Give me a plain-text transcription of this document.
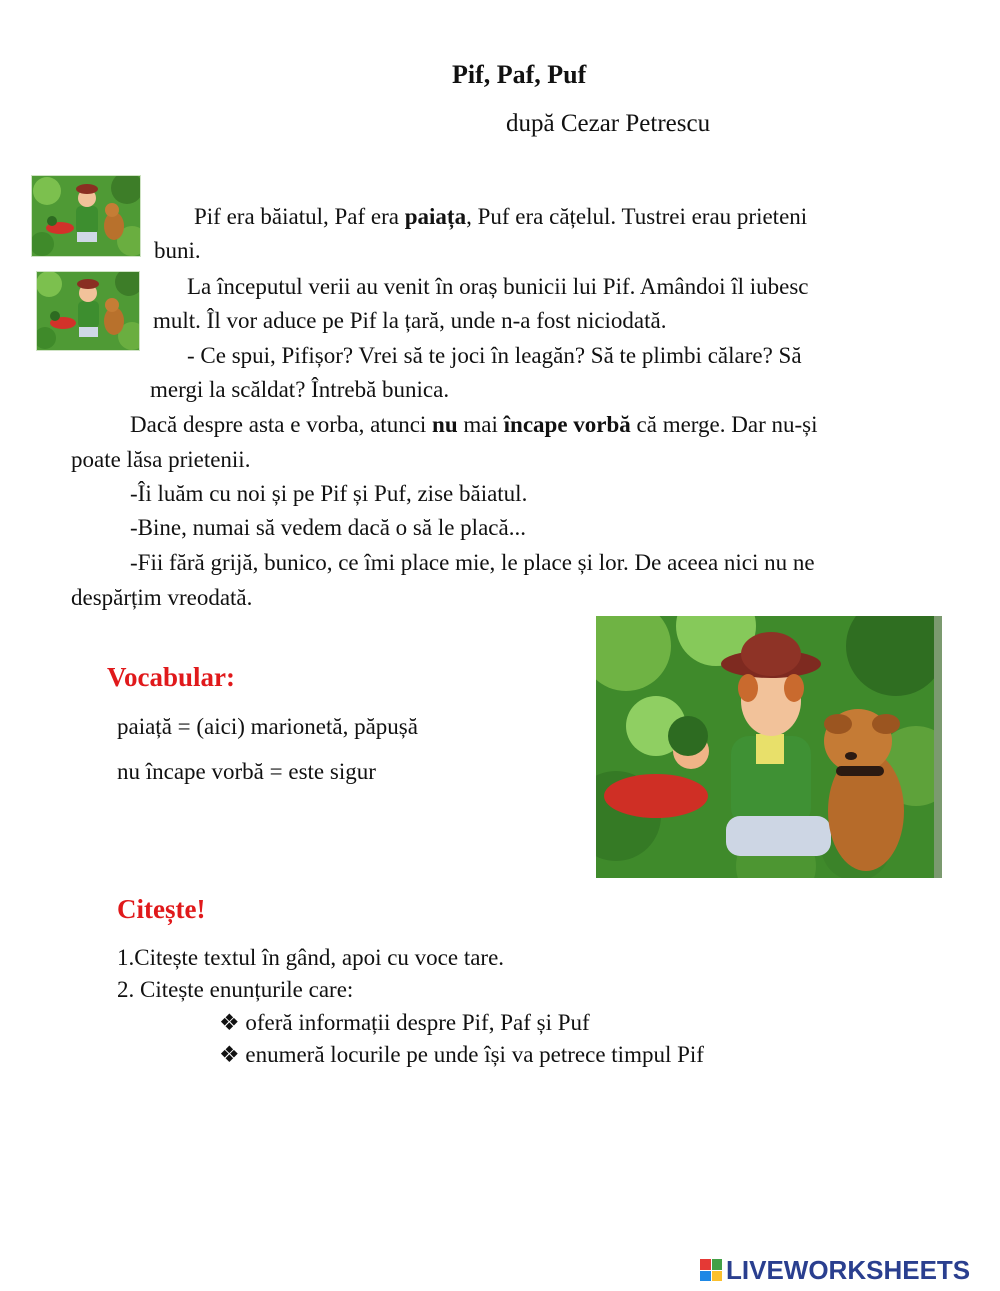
Pif, Paf, Puf
după Cezar Petrescu
Pif era băiatul, Paf era paiața, Puf era cățelul. Tustrei erau prieteni
buni.
La începutul verii au venit în oraș bunicii lui Pif. Amândoi îl iubesc
mult. Îl vor aduce pe Pif la țară, unde n-a fost niciodată.
- Ce spui, Pifișor? Vrei să te joci în leagăn? Să te plimbi călare? Să
mergi la scăldat? Întrebă bunica.
Dacă despre asta e vorba, atunci nu mai încape vorbă că merge. Dar nu-și
poate lăsa prietenii.
-Îi luăm cu noi și pe Pif și Puf, zise băiatul.
-Bine, numai să vedem dacă o să le placă...
-Fii fără grijă, bunico, ce îmi place mie, le place și lor. De aceea nici nu ne
despărțim vreodată.
Vocabular:
paiață = (aici) marionetă, păpușă
nu încape vorbă = este sigur
Citește!
1.Citește textul în gând, apoi cu voce tare.
2. Citește enunțurile care:
❖ oferă informații despre Pif, Paf și Puf
❖ enumeră locurile pe unde își va petrece timpul Pif
LIVEWORKSHEETS
